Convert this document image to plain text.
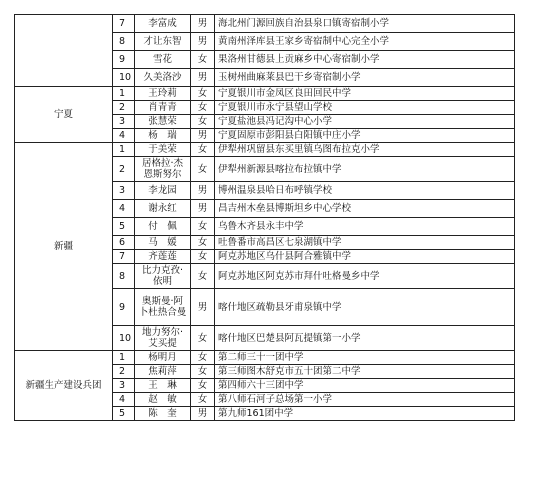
	7	李富成	男	海北州门源回族自治县泉口镇寄宿制小学
	8	才让东智	男	黄南州泽库县王家乡寄宿制中心完全小学
	9	雪花	女	果洛州甘德县上贡麻乡中心寄宿制小学
	10	久美洛沙	男	玉树州曲麻莱县巴干乡寄宿制小学
宁夏	1	王玲莉	女	宁夏银川市金凤区良田回民中学
	2	肖青青	女	宁夏银川市永宁县望山学校
	3	张慧荣	女	宁夏盐池县冯记沟中心小学
	4	杨　瑞	男	宁夏固原市彭阳县白阳镇中庄小学
新疆	1	于美荣	女	伊犁州巩留县东买里镇乌图布拉克小学
	2	居格拉·杰恩斯努尔	女	伊犁州新源县喀拉布拉镇中学
	3	李龙园	男	博州温泉县哈日布呼镇学校
	4	谢永红	男	昌吉州木垒县博斯坦乡中心学校
	5	付　佩	女	乌鲁木齐县永丰中学
	6	马　媛	女	吐鲁番市高昌区七泉湖镇中学
	7	齐莲莲	女	阿克苏地区乌什县阿合雅镇中学
	8	比力克孜·依明	女	阿克苏地区阿克苏市拜什吐格曼乡中学
	9	奥斯曼·阿卜杜热合曼	男	喀什地区疏勒县牙甫泉镇中学
	10	地力努尔·艾买提	女	喀什地区巴楚县阿瓦提镇第一小学
新疆生产建设兵团	1	杨明月	女	第二师三十一团中学
	2	焦莉萍	女	第三师图木舒克市五十团第二中学
	3	王　琳	女	第四师六十三团中学
	4	赵　敏	女	第八师石河子总场第一小学
	5	陈　奎	男	第九师161团中学
